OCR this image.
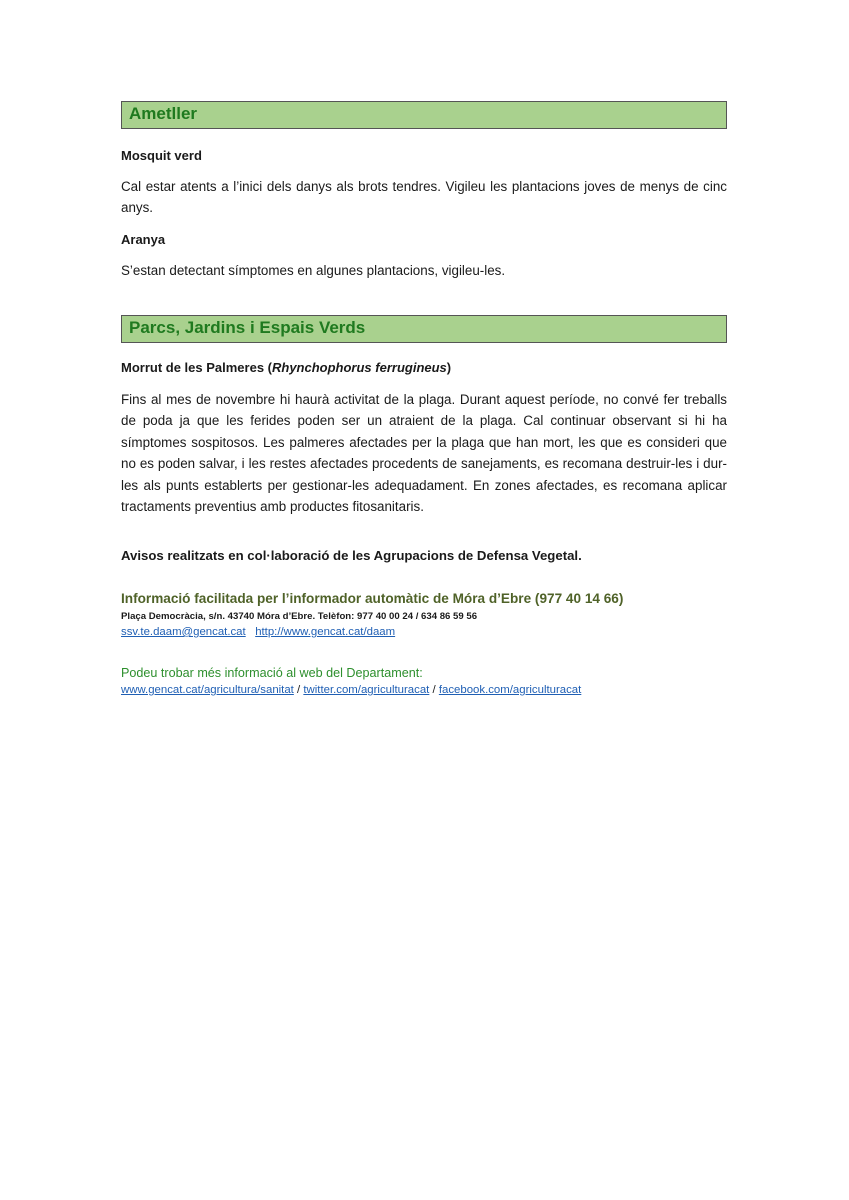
Ametller
Mosquit verd
Cal estar atents a l’inici dels danys als brots tendres. Vigileu les plantacions joves de menys de cinc anys.
Aranya
S’estan detectant símptomes en algunes plantacions, vigileu-les.
Parcs, Jardins i Espais Verds
Morrut de les Palmeres (Rhynchophorus ferrugineus)
Fins al mes de novembre hi haurà activitat de la plaga. Durant aquest període, no convé fer treballs de poda ja que les ferides poden ser un atraient de la plaga. Cal continuar observant si hi ha símptomes sospitosos. Les palmeres afectades per la plaga que han mort, les que es consideri que no es poden salvar, i les restes afectades procedents de sanejaments, es recomana destruir-les i dur-les als punts establerts per gestionar-les adequadament. En zones afectades, es recomana aplicar tractaments preventius amb productes fitosanitaris.
Avisos realitzats en col·laboració de les Agrupacions de Defensa Vegetal.
Informació facilitada per l’informador automàtic de Móra d’Ebre (977 40 14 66)
Plaça Democràcia, s/n. 43740 Móra d’Ebre. Telèfon: 977 40 00 24 / 634 86 59 56
ssv.te.daam@gencat.cat http://www.gencat.cat/daam
Podeu trobar més informació al web del Departament:
www.gencat.cat/agricultura/sanitat / twitter.com/agriculturacat / facebook.com/agriculturacat
